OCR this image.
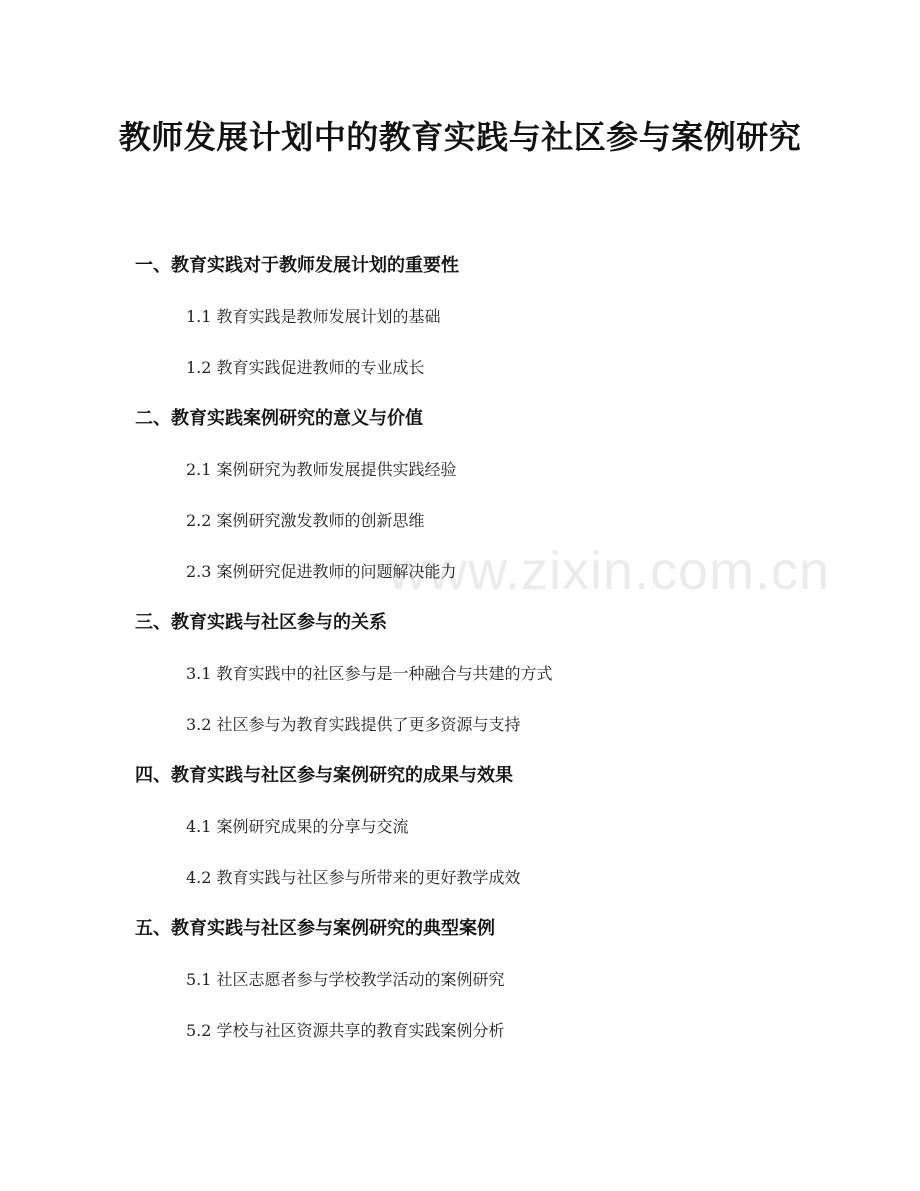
教师发展计划中的教育实践与社区参与案例研究
www.zixin.com.cn
一、教育实践对于教师发展计划的重要性
1.1 教育实践是教师发展计划的基础
1.2 教育实践促进教师的专业成长
二、教育实践案例研究的意义与价值
2.1 案例研究为教师发展提供实践经验
2.2 案例研究激发教师的创新思维
2.3 案例研究促进教师的问题解决能力
三、教育实践与社区参与的关系
3.1 教育实践中的社区参与是一种融合与共建的方式
3.2 社区参与为教育实践提供了更多资源与支持
四、教育实践与社区参与案例研究的成果与效果
4.1 案例研究成果的分享与交流
4.2 教育实践与社区参与所带来的更好教学成效
五、教育实践与社区参与案例研究的典型案例
5.1 社区志愿者参与学校教学活动的案例研究
5.2 学校与社区资源共享的教育实践案例分析
